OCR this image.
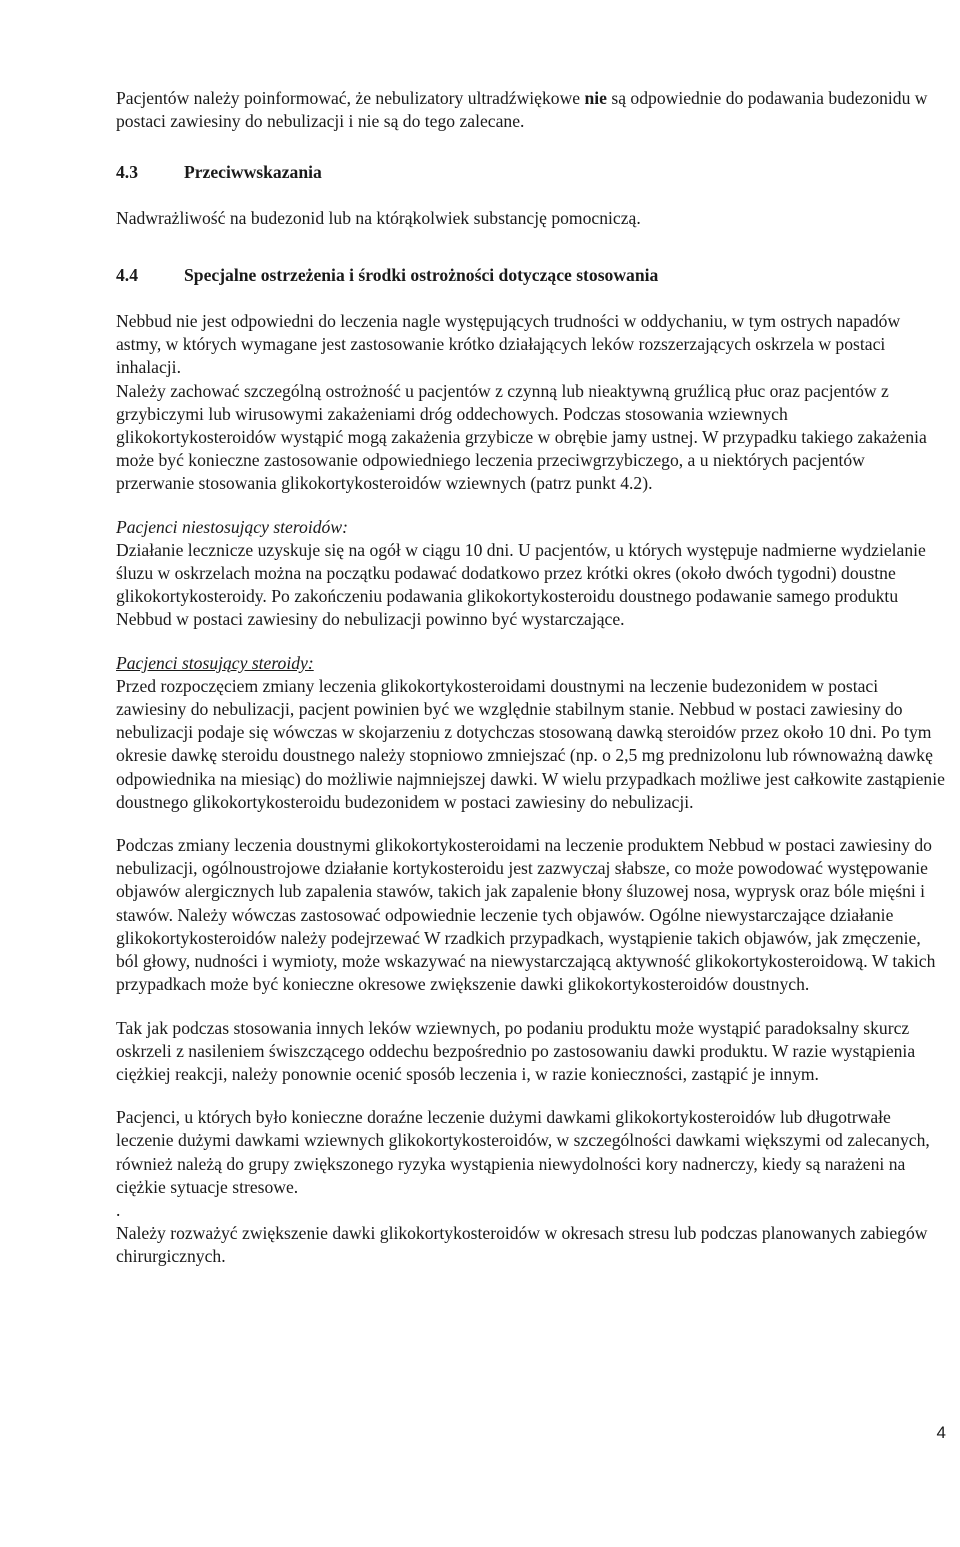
Pacjentów należy poinformować, że nebulizatory ultradźwiękowe nie są odpowiednie do podawania budezonidu w postaci zawiesiny do nebulizacji i nie są do tego zalecane.

4.3	Przeciwwskazania

Nadwrażliwość na budezonid lub na którąkolwiek substancję pomocniczą.

4.4	Specjalne ostrzeżenia i środki ostrożności dotyczące stosowania

Nebbud nie jest odpowiedni do leczenia nagle występujących trudności w oddychaniu, w tym ostrych napadów astmy, w których wymagane jest zastosowanie krótko działających leków rozszerzających oskrzela w postaci inhalacji.

Należy zachować szczególną ostrożność u pacjentów z czynną lub nieaktywną gruźlicą płuc oraz pacjentów z grzybiczymi lub wirusowymi zakażeniami dróg oddechowych. Podczas stosowania wziewnych glikokortykosteroidów wystąpić mogą zakażenia grzybicze w obrębie jamy ustnej. W przypadku takiego zakażenia może być konieczne zastosowanie odpowiedniego leczenia przeciwgrzybiczego, a u niektórych pacjentów przerwanie stosowania glikokortykosteroidów wziewnych (patrz punkt 4.2).

Pacjenci niestosujący steroidów:

Działanie lecznicze uzyskuje się na ogół w ciągu 10 dni. U pacjentów, u których występuje nadmierne wydzielanie śluzu w oskrzelach można na początku podawać dodatkowo przez krótki okres (około dwóch tygodni) doustne glikokortykosteroidy. Po zakończeniu podawania glikokortykosteroidu doustnego podawanie samego produktu Nebbud w postaci zawiesiny do nebulizacji powinno być wystarczające.

Pacjenci stosujący steroidy:

Przed rozpoczęciem zmiany leczenia glikokortykosteroidami doustnymi na leczenie budezonidem w postaci zawiesiny do nebulizacji, pacjent powinien być we względnie stabilnym stanie. Nebbud w postaci zawiesiny do nebulizacji podaje się wówczas w skojarzeniu z dotychczas stosowaną dawką steroidów przez około 10 dni. Po tym okresie dawkę steroidu doustnego należy stopniowo zmniejszać (np. o 2,5 mg prednizolonu lub równoważną dawkę odpowiednika na miesiąc) do możliwie najmniejszej dawki. W wielu przypadkach możliwe jest całkowite zastąpienie doustnego glikokortykosteroidu budezonidem w postaci zawiesiny do nebulizacji.

Podczas zmiany leczenia doustnymi glikokortykosteroidami na leczenie produktem Nebbud w postaci zawiesiny do nebulizacji, ogólnoustrojowe działanie kortykosteroidu jest zazwyczaj słabsze, co może powodować występowanie objawów alergicznych lub zapalenia stawów, takich jak zapalenie błony śluzowej nosa, wyprysk oraz bóle mięśni i stawów. Należy wówczas zastosować odpowiednie leczenie tych objawów. Ogólne niewystarczające działanie glikokortykosteroidów należy podejrzewać W rzadkich przypadkach, wystąpienie takich objawów, jak zmęczenie, ból głowy, nudności i wymioty, może wskazywać na niewystarczającą aktywność glikokortykosteroidową. W takich przypadkach może być konieczne okresowe zwiększenie dawki glikokortykosteroidów doustnych.

Tak jak podczas stosowania innych leków wziewnych, po podaniu produktu może wystąpić paradoksalny skurcz oskrzeli z nasileniem świszczącego oddechu bezpośrednio po zastosowaniu dawki produktu. W razie wystąpienia ciężkiej reakcji, należy ponownie ocenić sposób leczenia i, w razie konieczności, zastąpić je innym.

Pacjenci, u których było konieczne doraźne leczenie dużymi dawkami glikokortykosteroidów lub długotrwałe leczenie dużymi dawkami wziewnych glikokortykosteroidów, w szczególności dawkami większymi od zalecanych, również należą do grupy zwiększonego ryzyka wystąpienia niewydolności kory nadnerczy, kiedy są narażeni na ciężkie sytuacje stresowe.

.

Należy rozważyć zwiększenie dawki glikokortykosteroidów w okresach stresu lub podczas planowanych zabiegów chirurgicznych.

4
